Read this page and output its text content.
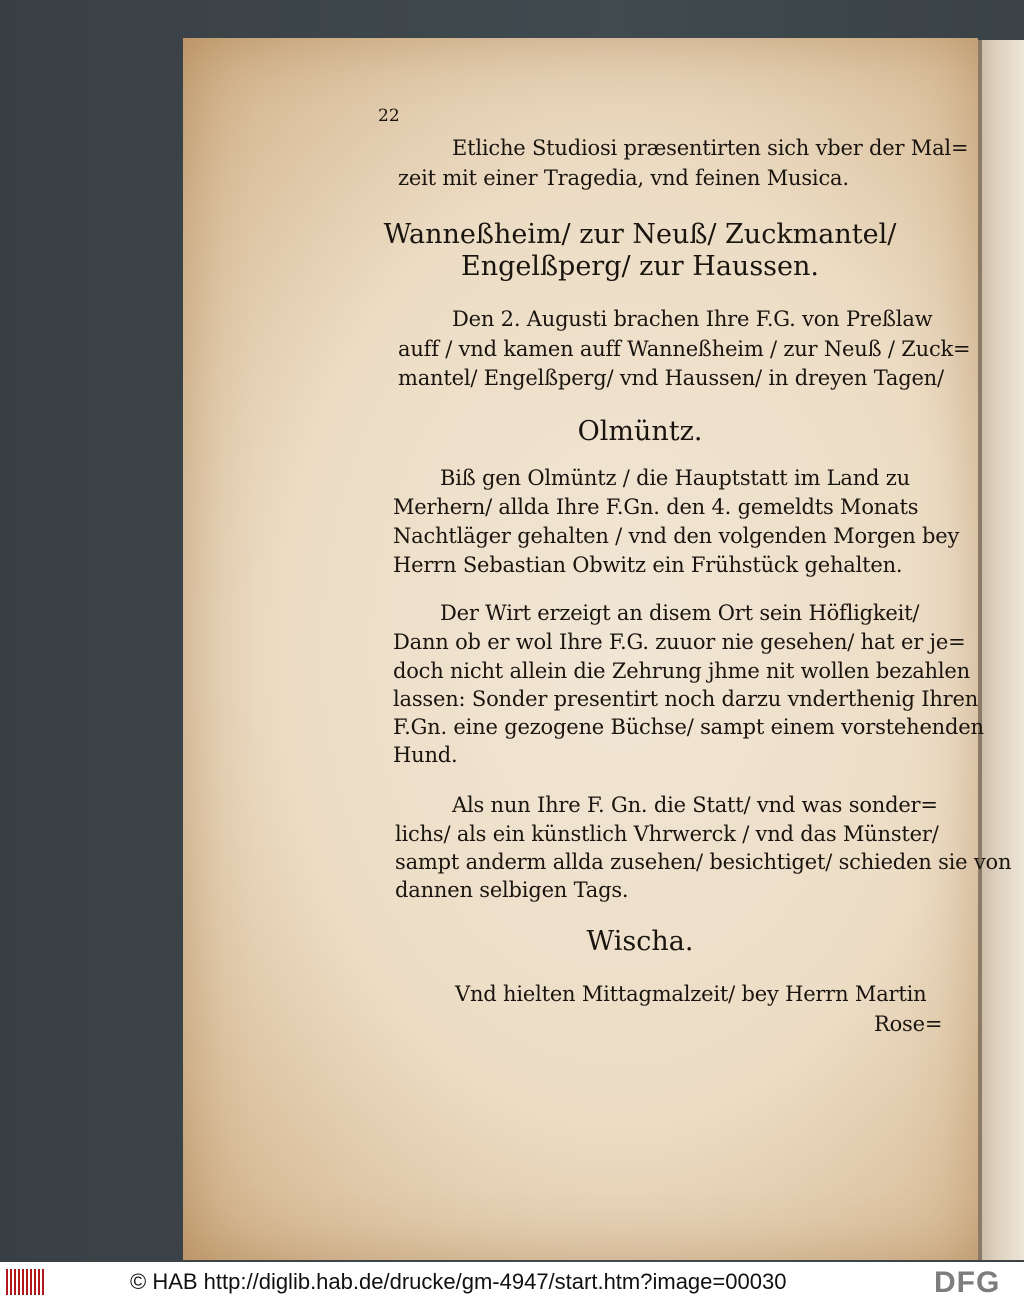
22
Etliche Studiosi præsentirten sich vber der Mal=
zeit mit einer Tragedia, vnd feinen Musica.
Wanneßheim/ zur Neuß/ Zuckmantel/
Engelßperg/ zur Haussen.
Den 2. Augusti brachen Ihre F.G. von Preßlaw
auff / vnd kamen auff Wanneßheim / zur Neuß / Zuck=
mantel/ Engelßperg/ vnd Haussen/ in dreyen Tagen/
Olmüntz.
Biß gen Olmüntz / die Hauptstatt im Land zu
Merhern/ allda Ihre F.Gn. den 4. gemeldts Monats
Nachtläger gehalten / vnd den volgenden Morgen bey
Herrn Sebastian Obwitz ein Frühstück gehalten.
Der Wirt erzeigt an disem Ort sein Höfligkeit/
Dann ob er wol Ihre F.G. zuuor nie gesehen/ hat er je=
doch nicht allein die Zehrung jhme nit wollen bezahlen
lassen: Sonder presentirt noch darzu vnderthenig Ihren
F.Gn. eine gezogene Büchse/ sampt einem vorstehenden
Hund.
Als nun Ihre F. Gn. die Statt/ vnd was sonder=
lichs/ als ein künstlich Vhrwerck / vnd das Münster/
sampt anderm allda zusehen/ besichtiget/ schieden sie von
dannen selbigen Tags.
Wischa.
Vnd hielten Mittagmalzeit/ bey Herrn Martin
Rose=
© HAB http://diglib.hab.de/drucke/gm-4947/start.htm?image=00030	DFG
